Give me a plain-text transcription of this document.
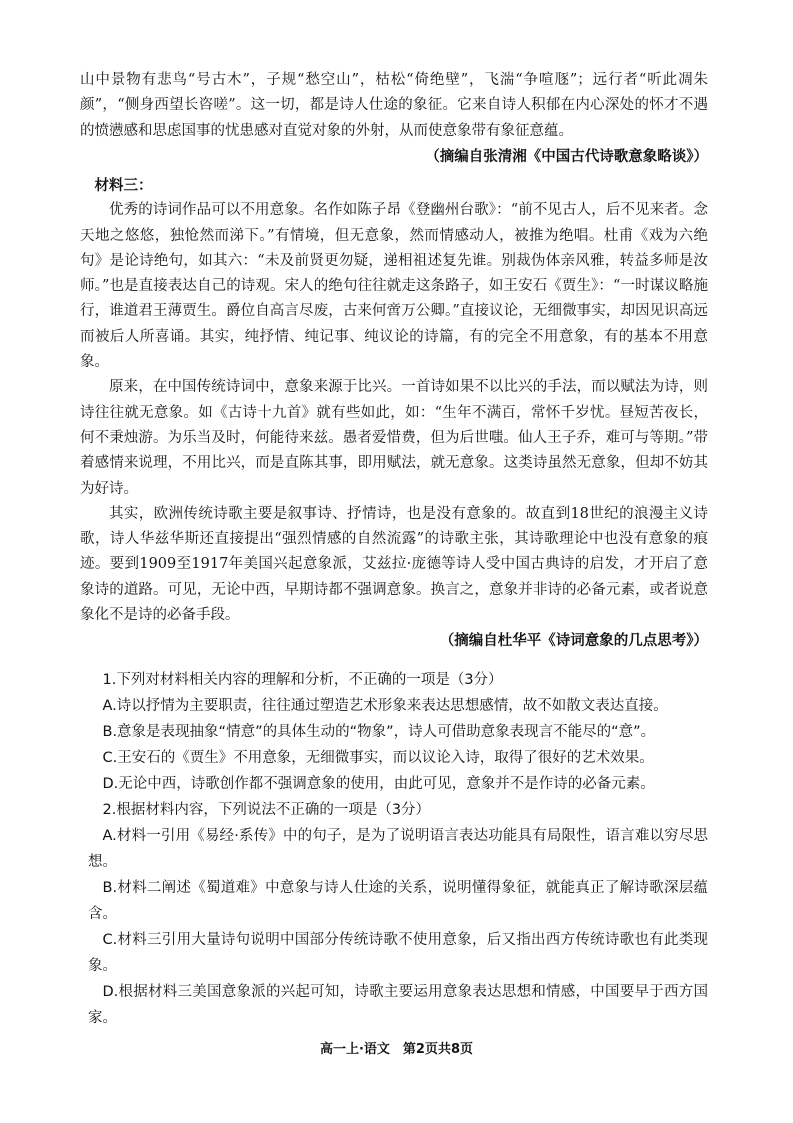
山中景物有悲鸟“号古木”，子规“愁空山”，枯松“倚绝壁”，飞湍“争喧豗”；远行者“听此凋朱颜”，“侧身西望长咨嗟”。这一切，都是诗人仕途的象征。它来自诗人积郁在内心深处的怀才不遇的愤懑感和思虑国事的忧患感对直觉对象的外射，从而使意象带有象征意蕴。

（摘编自张清湘《中国古代诗歌意象略谈》）

材料三：

优秀的诗词作品可以不用意象。名作如陈子昂《登幽州台歌》：“前不见古人，后不见来者。念天地之悠悠，独怆然而涕下。”有情境，但无意象，然而情感动人，被推为绝唱。杜甫《戏为六绝句》是论诗绝句，如其六：“未及前贤更勿疑，递相祖述复先谁。别裁伪体亲风雅，转益多师是汝师。”也是直接表达自己的诗观。宋人的绝句往往就走这条路子，如王安石《贾生》：“一时谋议略施行，谁道君王薄贾生。爵位自高言尽废，古来何啻万公卿。”直接议论，无细微事实，却因见识高远而被后人所喜诵。其实，纯抒情、纯记事、纯议论的诗篇，有的完全不用意象，有的基本不用意象。

原来，在中国传统诗词中，意象来源于比兴。一首诗如果不以比兴的手法，而以赋法为诗，则诗往往就无意象。如《古诗十九首》就有些如此，如：“生年不满百，常怀千岁忧。昼短苦夜长，何不秉烛游。为乐当及时，何能待来兹。愚者爱惜费，但为后世嗤。仙人王子乔，难可与等期。”带着感情来说理，不用比兴，而是直陈其事，即用赋法，就无意象。这类诗虽然无意象，但却不妨其为好诗。

其实，欧洲传统诗歌主要是叙事诗、抒情诗，也是没有意象的。故直到18世纪的浪漫主义诗歌，诗人华兹华斯还直接提出“强烈情感的自然流露”的诗歌主张，其诗歌理论中也没有意象的痕迹。要到1909至1917年美国兴起意象派，艾兹拉·庞德等诗人受中国古典诗的启发，才开启了意象诗的道路。可见，无论中西，早期诗都不强调意象。换言之，意象并非诗的必备元素，或者说意象化不是诗的必备手段。

（摘编自杜华平《诗词意象的几点思考》）

1.下列对材料相关内容的理解和分析，不正确的一项是（3分）

A.诗以抒情为主要职责，往往通过塑造艺术形象来表达思想感情，故不如散文表达直接。

B.意象是表现抽象“情意”的具体生动的“物象”，诗人可借助意象表现言不能尽的“意”。

C.王安石的《贾生》不用意象，无细微事实，而以议论入诗，取得了很好的艺术效果。

D.无论中西，诗歌创作都不强调意象的使用，由此可见，意象并不是作诗的必备元素。

2.根据材料内容，下列说法不正确的一项是（3分）

A.材料一引用《易经·系传》中的句子，是为了说明语言表达功能具有局限性，语言难以穷尽思想。

B.材料二阐述《蜀道难》中意象与诗人仕途的关系，说明懂得象征，就能真正了解诗歌深层蕴含。

C.材料三引用大量诗句说明中国部分传统诗歌不使用意象，后又指出西方传统诗歌也有此类现象。

D.根据材料三美国意象派的兴起可知，诗歌主要运用意象表达思想和情感，中国要早于西方国家。

高一上·语文　第2页共8页
